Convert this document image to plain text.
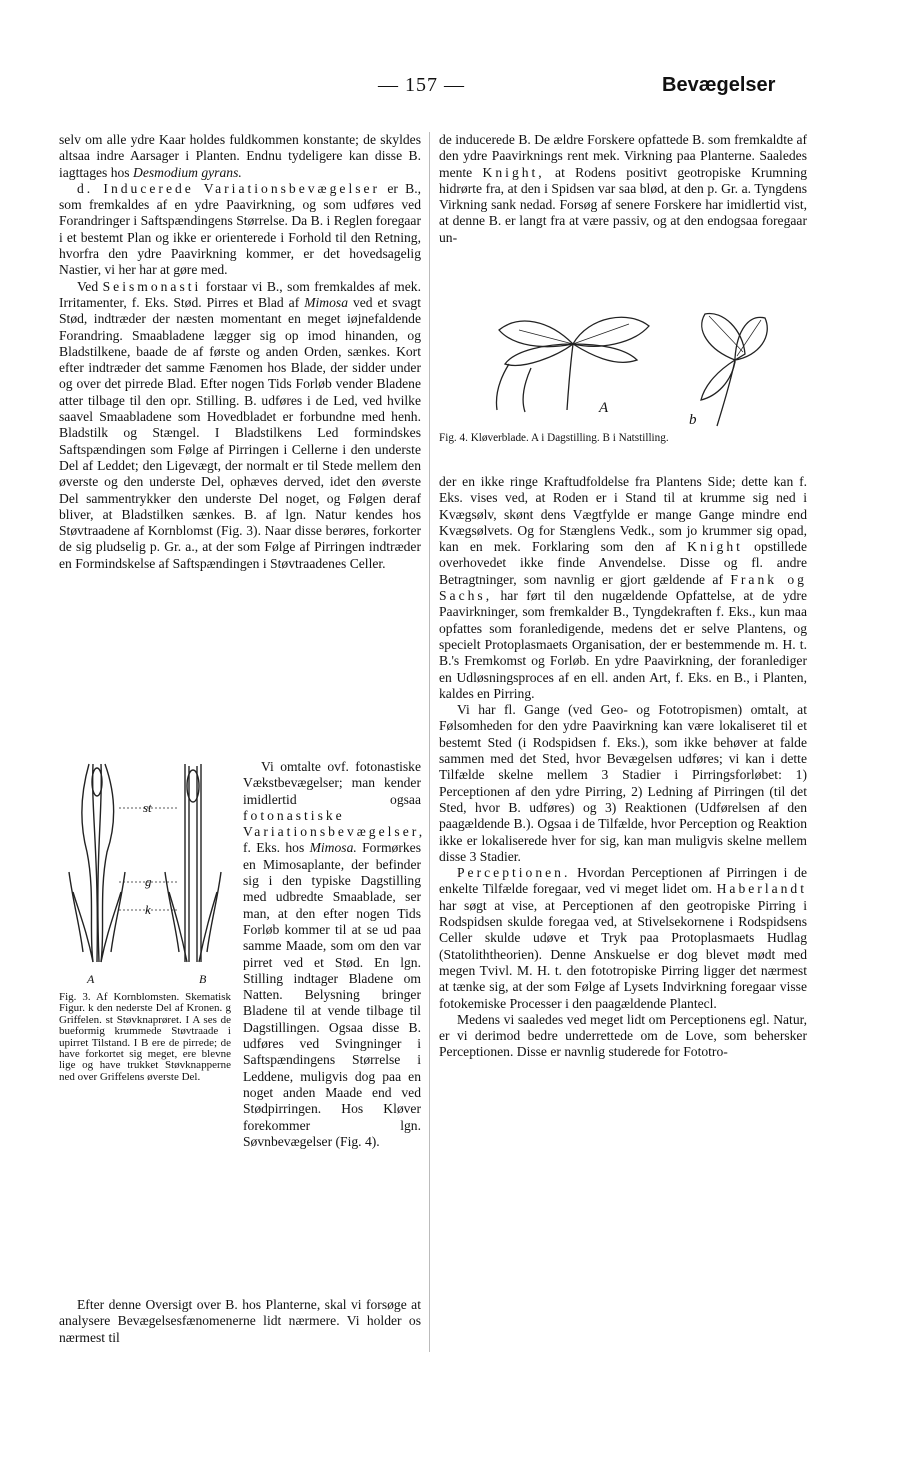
— 157 —	Bevægelser

selv om alle ydre Kaar holdes fuldkommen konstante; de skyldes altsaa indre Aarsager i Planten. Endnu tydeligere kan disse B. iagttages hos Desmodium gyrans.

d. Inducerede Variationsbevægelser er B., som fremkaldes af en ydre Paavirkning, og som udføres ved Forandringer i Saftspændingens Størrelse. Da B. i Reglen foregaar i et bestemt Plan og ikke er orienterede i Forhold til den Retning, hvorfra den ydre Paavirkning kommer, er det hovedsagelig Nastier, vi her har at gøre med.

Ved Seismonasti forstaar vi B., som fremkaldes af mek. Irritamenter, f. Eks. Stød. Pirres et Blad af Mimosa ved et svagt Stød, indtræder der næsten momentant en meget iøjnefaldende Forandring. Smaabladene lægger sig op imod hinanden, og Bladstilkene, baade de af første og anden Orden, sænkes. Kort efter indtræder det samme Fænomen hos Blade, der sidder under og over det pirrede Blad. Efter nogen Tids Forløb vender Bladene atter tilbage til den opr. Stilling. B. udføres i de Led, ved hvilke saavel Smaabladene som Hovedbladet er forbundne med henh. Bladstilk og Stængel. I Bladstilkens Led formindskes Saftspændingen som Følge af Pirringen i Cellerne i den underste Del af Leddet; den Ligevægt, der normalt er til Stede mellem den øverste og den underste Del, ophæves derved, idet den øverste Del sammentrykker den underste Del noget, og Følgen deraf bliver, at Bladstilken sænkes. B. af lgn. Natur kendes hos Støvtraadene af Kornblomst (Fig. 3). Naar disse berøres, forkorter de sig pludselig p. Gr. a., at der som Følge af Pirringen indtræder en Formindskelse af Saftspændingen i Støvtraadenes Celler.

st
g
k
A	B
Fig. 3. Af Kornblomsten. Skematisk Figur. k den nederste Del af Kronen. g Griffelen. st Støvknaprøret. I A ses de bueformig krummede Støvtraade i upirret Tilstand. I B ere de pirrede; de have forkortet sig meget, ere blevne lige og have trukket Støvknapperne ned over Griffelens øverste Del.

Vi omtalte ovf. fotonastiske Vækstbevægelser; man kender imidlertid ogsaa fotonastiske Variationsbevægelser, f. Eks. hos Mimosa. Formørkes en Mimosaplante, der befinder sig i den typiske Dagstilling med udbredte Smaablade, ser man, at den efter nogen Tids Forløb kommer til at se ud paa samme Maade, som om den var pirret ved et Stød. En lgn. Stilling indtager Bladene om Natten. Belysning bringer Bladene til at vende tilbage til Dagstillingen. Ogsaa disse B. udføres ved Svingninger i Saftspændingens Størrelse i Leddene, muligvis dog paa en noget anden Maade end ved Stødpirringen. Hos Kløver forekommer lgn. Søvnbevægelser (Fig. 4).

Efter denne Oversigt over B. hos Planterne, skal vi forsøge at analysere Bevægelsesfænomenerne lidt nærmere. Vi holder os nærmest til

de inducerede B. De ældre Forskere opfattede B. som fremkaldte af den ydre Paavirknings rent mek. Virkning paa Planterne. Saaledes mente Knight, at Rodens positivt geotropiske Krumning hidrørte fra, at den i Spidsen var saa blød, at den p. Gr. a. Tyngdens Virkning sank nedad. Forsøg af senere Forskere har imidlertid vist, at denne B. er langt fra at være passiv, og at den endogsaa foregaar un-

A
b
Fig. 4. Kløverblade. A i Dagstilling. B i Natstilling.

der en ikke ringe Kraftudfoldelse fra Plantens Side; dette kan f. Eks. vises ved, at Roden er i Stand til at krumme sig ned i Kvægsølv, skønt dens Vægtfylde er mange Gange mindre end Kvægsølvets. Og for Stænglens Vedk., som jo krummer sig opad, kan en mek. Forklaring som den af Knight opstillede overhovedet ikke finde Anvendelse. Disse og fl. andre Betragtninger, som navnlig er gjort gældende af Frank og Sachs, har ført til den nugældende Opfattelse, at de ydre Paavirkninger, som fremkalder B., Tyngdekraften f. Eks., kun maa opfattes som foranledigende, medens det er selve Plantens, og specielt Protoplasmaets Organisation, der er bestemmende m. H. t. B.'s Fremkomst og Forløb. En ydre Paavirkning, der foranlediger en Udløsningsproces af en ell. anden Art, f. Eks. en B., i Planten, kaldes en Pirring.

Vi har fl. Gange (ved Geo- og Fototropismen) omtalt, at Følsomheden for den ydre Paavirkning kan være lokaliseret til et bestemt Sted (i Rodspidsen f. Eks.), som ikke behøver at falde sammen med det Sted, hvor Bevægelsen udføres; vi kan i dette Tilfælde skelne mellem 3 Stadier i Pirringsforløbet: 1) Perceptionen af den ydre Pirring, 2) Ledning af Pirringen (til det Sted, hvor B. udføres) og 3) Reaktionen (Udførelsen af den paagældende B.). Ogsaa i de Tilfælde, hvor Perception og Reaktion ikke er lokaliserede hver for sig, kan man muligvis skelne mellem disse 3 Stadier.

Perceptionen. Hvordan Perceptionen af Pirringen i de enkelte Tilfælde foregaar, ved vi meget lidet om. Haberlandt har søgt at vise, at Perceptionen af den geotropiske Pirring i Rodspidsen skulde foregaa ved, at Stivelsekornene i Rodspidsens Celler skulde udøve et Tryk paa Protoplasmaets Hudlag (Statoliththeorien). Denne Anskuelse er dog blevet mødt med megen Tvivl. M. H. t. den fototropiske Pirring ligger det nærmest at tænke sig, at der som Følge af Lysets Indvirkning foregaar visse fotokemiske Processer i den paagældende Plantecl.

Medens vi saaledes ved meget lidt om Perceptionens egl. Natur, er vi derimod bedre underrettede om de Love, som behersker Perceptionen. Disse er navnlig studerede for Fototro-
